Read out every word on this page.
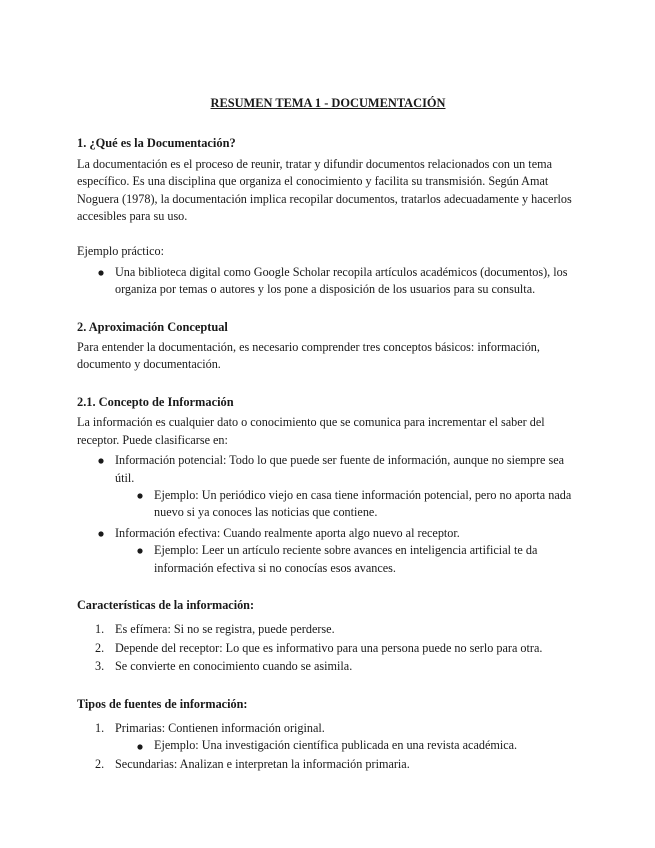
RESUMEN TEMA 1 - DOCUMENTACIÓN
1. ¿Qué es la Documentación?

La documentación es el proceso de reunir, tratar y difundir documentos relacionados con un tema específico. Es una disciplina que organiza el conocimiento y facilita su transmisión. Según Amat Noguera (1978), la documentación implica recopilar documentos, tratarlos adecuadamente y hacerlos accesibles para su uso.

Ejemplo práctico:

Una biblioteca digital como Google Scholar recopila artículos académicos (documentos), los organiza por temas o autores y los pone a disposición de los usuarios para su consulta.
2. Aproximación Conceptual

Para entender la documentación, es necesario comprender tres conceptos básicos: información, documento y documentación.

2.1. Concepto de Información

La información es cualquier dato o conocimiento que se comunica para incrementar el saber del receptor. Puede clasificarse en:

Información potencial: Todo lo que puede ser fuente de información, aunque no siempre sea útil.
Ejemplo: Un periódico viejo en casa tiene información potencial, pero no aporta nada nuevo si ya conoces las noticias que contiene.
Información efectiva: Cuando realmente aporta algo nuevo al receptor.
Ejemplo: Leer un artículo reciente sobre avances en inteligencia artificial te da información efectiva si no conocías esos avances.
Características de la información:
1. Es efímera: Si no se registra, puede perderse.
2. Depende del receptor: Lo que es informativo para una persona puede no serlo para otra.
3. Se convierte en conocimiento cuando se asimila.
Tipos de fuentes de información:
1. Primarias: Contienen información original.
Ejemplo: Una investigación científica publicada en una revista académica.
2. Secundarias: Analizan e interpretan la información primaria.
